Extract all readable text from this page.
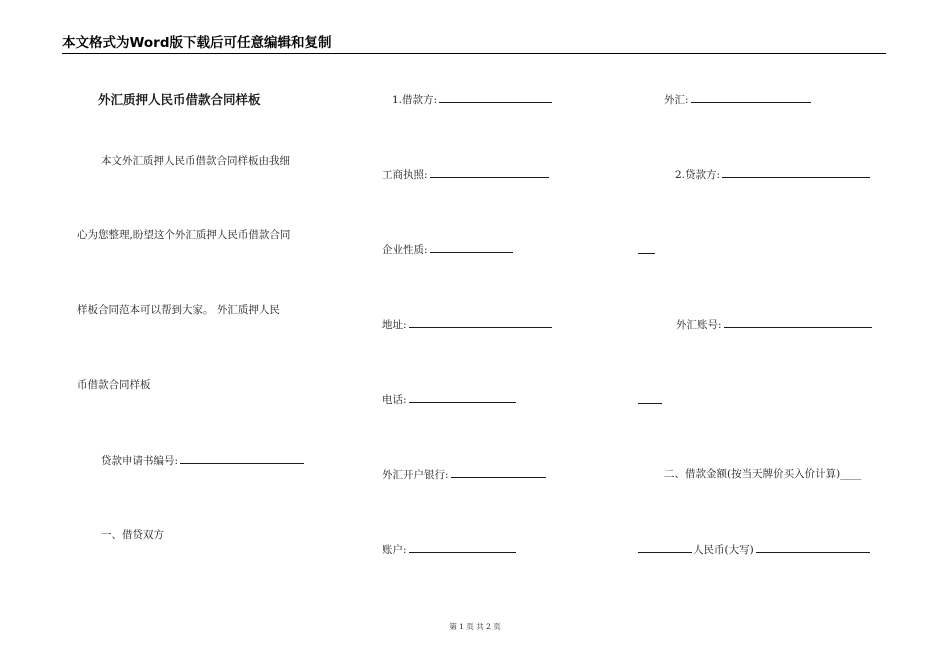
本文格式为Word版下载后可任意编辑和复制
外汇质押人民币借款合同样板
本文外汇质押人民币借款合同样板由我细
心为您整理,盼望这个外汇质押人民币借款合同
样板合同范本可以帮到大家。 外汇质押人民
币借款合同样板
贷款申请书编号:
一、借贷双方
1.借款方:
工商执照:
企业性质:
地址:
电话:
外汇开户银行:
账户:
外汇:
2.贷款方:
外汇账号:
二、借款金额(按当天牌价买入价计算)____
人民币(大写)
第 1 页 共 2 页
